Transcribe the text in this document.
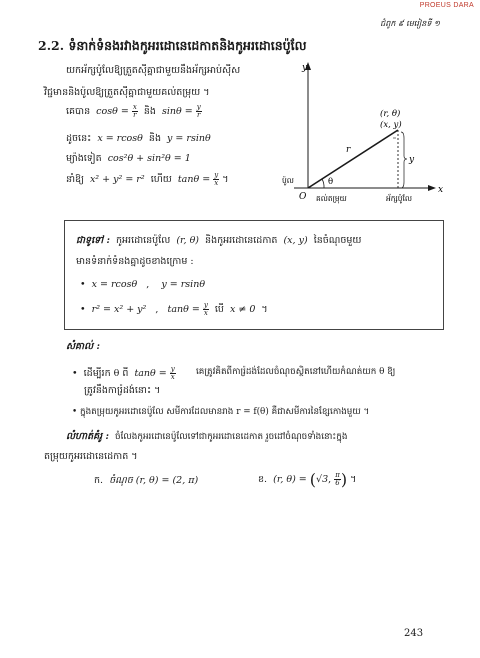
PROEUS DARA
ជំពូក ៩ មេរៀនទី ១
2.2. ទំនាក់ទំនងរវាងកូអរដោនេដេកាតនិងកូអរដោនេប៉ូលែ
យកអ័ក្សប៉ូលែឱ្យត្រួតស៊ីគ្នាជាមួយនឹងអ័ក្សអាប់ស៊ីស
វិជ្ជមាននិងប៉ូលឱ្យត្រួតស៊ីគ្នាជាមួយគល់តម្រុយ ។
គេបាន $\cos\theta = \frac{x}{r}$ និង $\sin\theta = \frac{y}{r}$
ដូចនេះ x = rcosθ និង y = rsinθ
ម្យ៉ាងទៀត cos²θ + sin²θ = 1
នាំឱ្យ x² + y² = r² ហើយ $\tan\theta = \frac{y}{x}$ ។
y
x
(r, θ)
(x, y)
r
y
θ
O
ប៉ូល
គល់តម្រុយ	អ័ក្សប៉ូលែ
ជាទូទៅ : កូអរដោនេប៉ូលែ (r, θ) និងកូអរដោនេដេកាត (x, y) នៃចំណុចមួយ
មានទំនាក់ទំនងគ្នាដូចខាងក្រោម :
• x = rcosθ , y = rsinθ
• r² = x² + y² , $\tan\theta = \frac{y}{x}$ បើ x ≠ 0 ។
សំគាល់ :
• ដើម្បីរក θ ពី $\tan\theta = \frac{y}{x}$ គេត្រូវគិតពីការ៉្រដង់ដែលចំណុចស្ថិតនៅហើយកំណត់យក θ ឱ្យ
ត្រូវនឹងការ៉្រដង់នោះ ។
• ក្នុងតម្រុយកូអរដោនេប៉ូលែ សមីការដែលមានរាង r = f(θ) គឺជាសមីការនៃខ្សែកោងមួយ ។
លំហាត់គំរូ : ចំលែងកូអរដោនេប៉ូលែទៅជាកូអរដោនេដេកាត រួចដៅចំណុចទាំងនោះក្នុង
តម្រុយកូអរដោនេដេកាត ។
ក. ចំណុច (r, θ) = (2, π)	ខ. (r, θ) = (√3, $\frac{\pi}{6}$ ) ។
243
